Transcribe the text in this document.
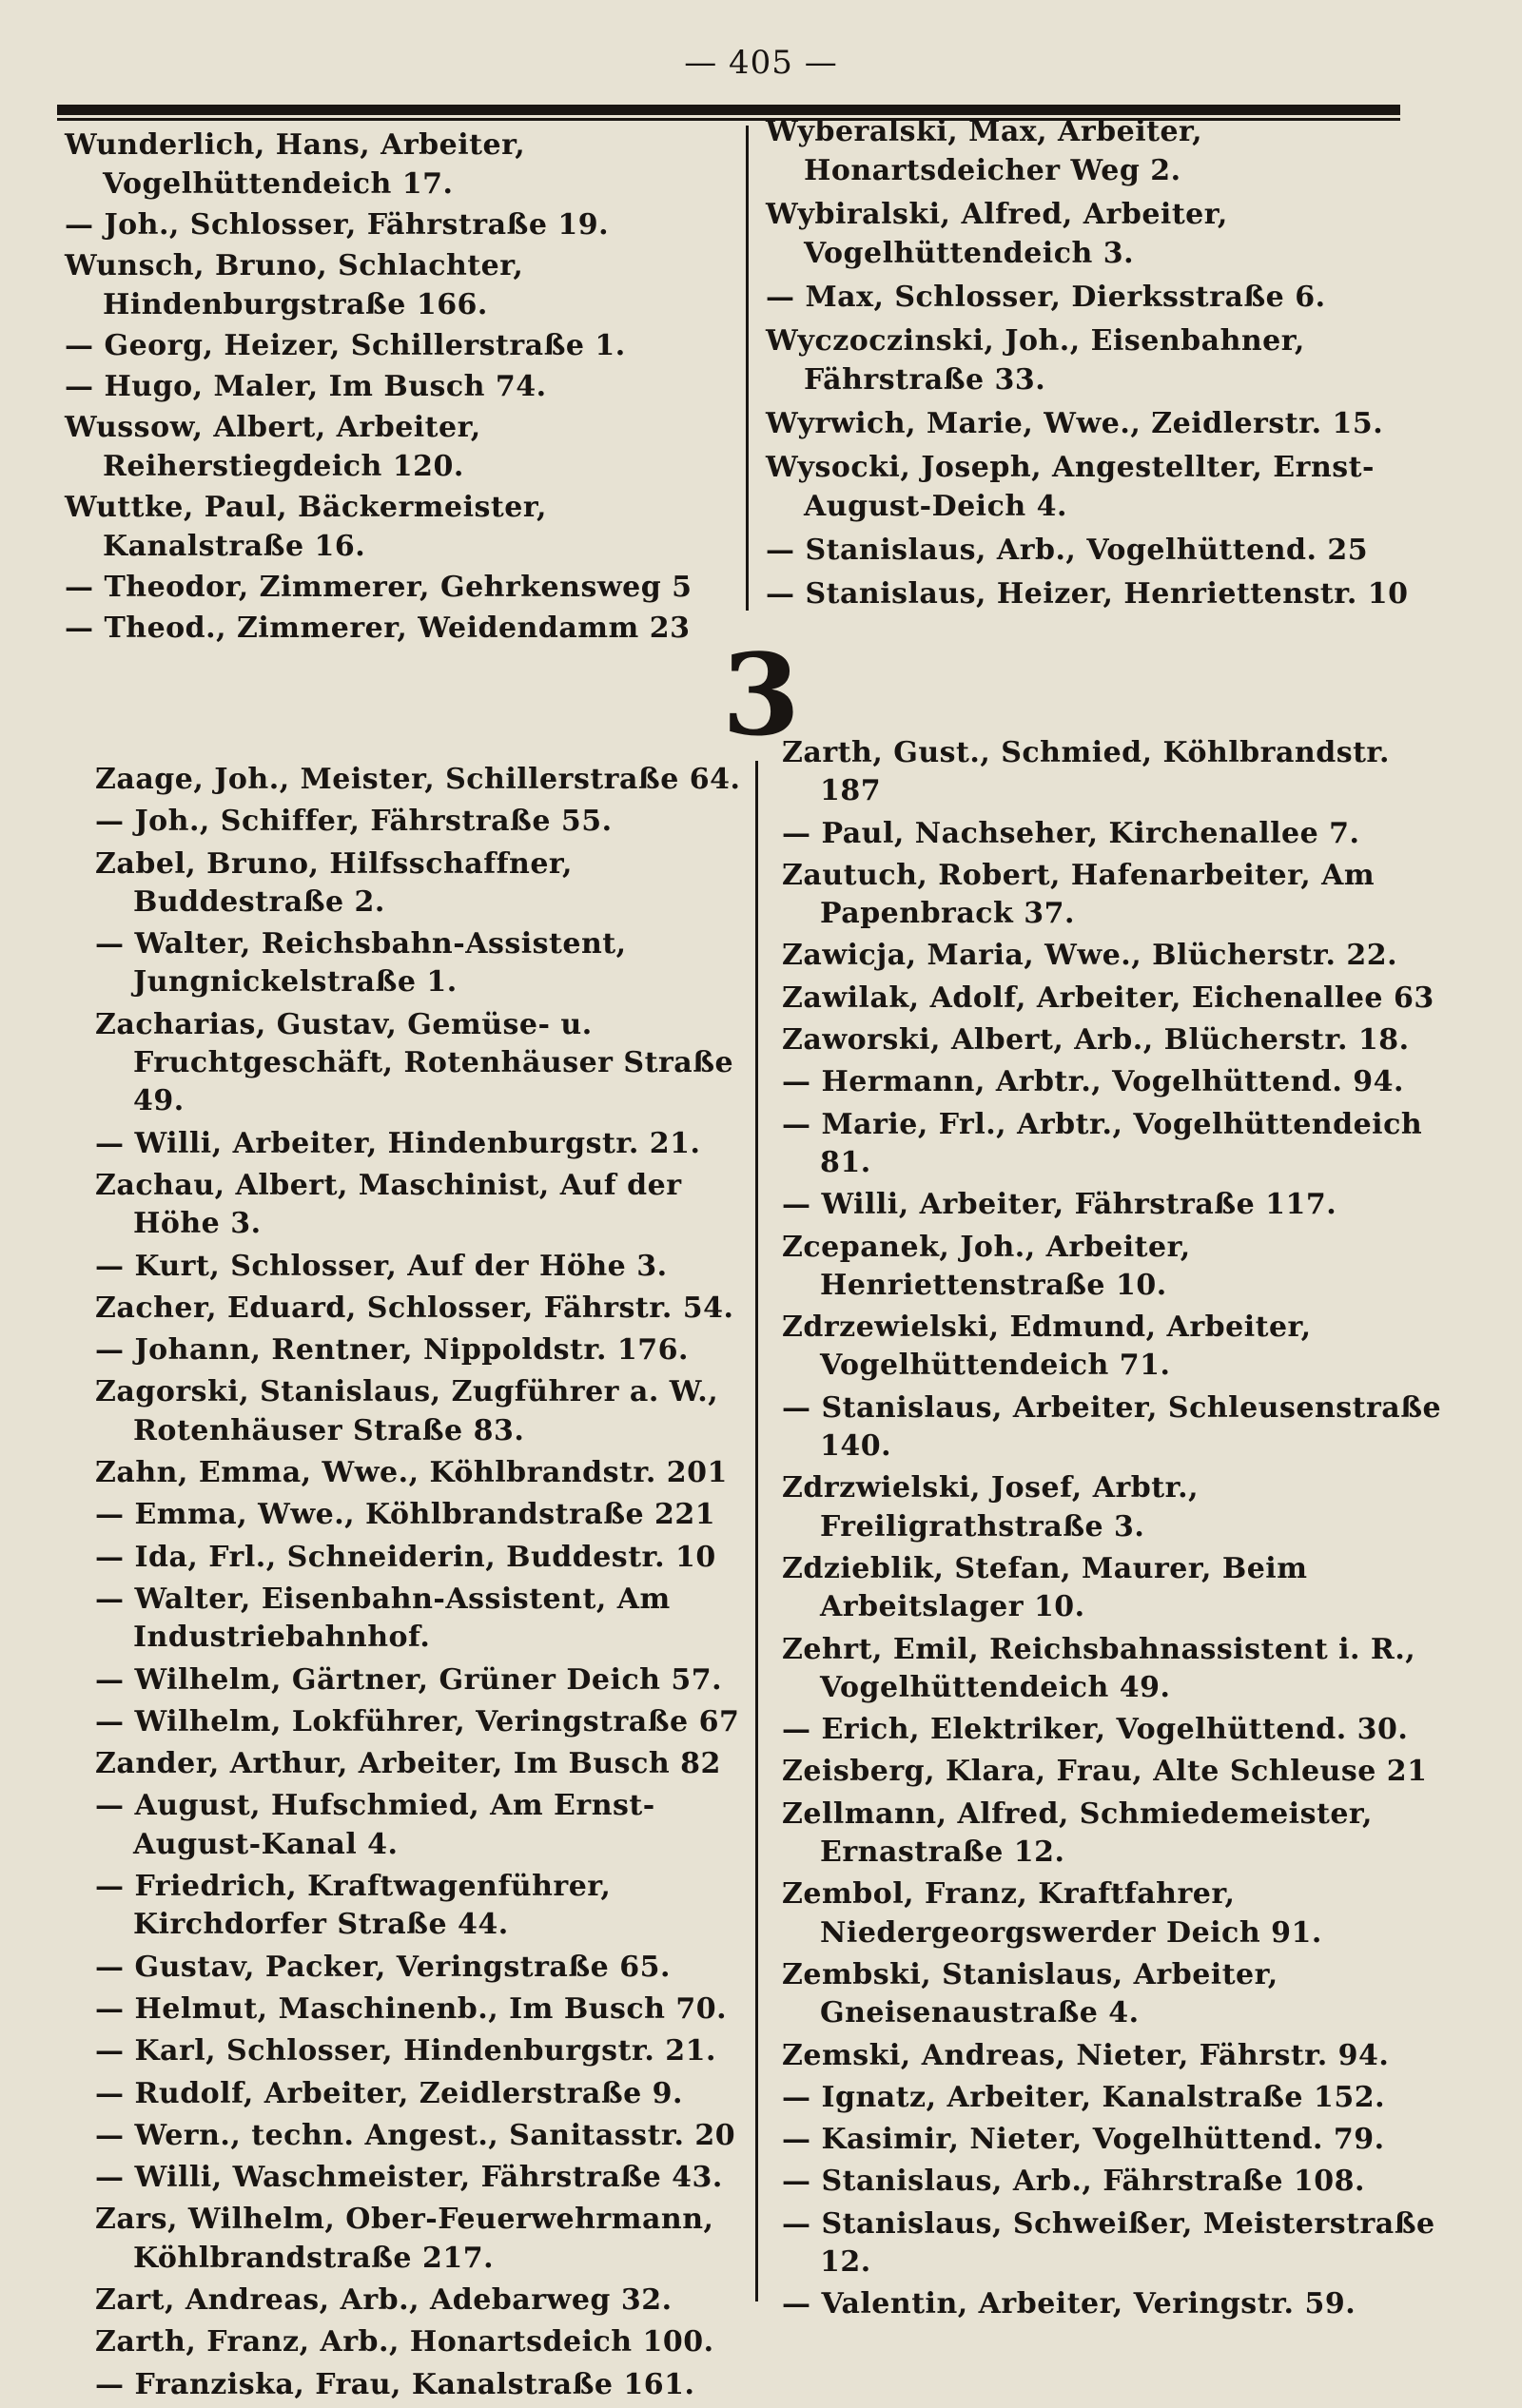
— 405 —
Wunderlich, Hans, Arbeiter, Vogelhüttendeich 17.
— Joh., Schlosser, Fährstraße 19.
Wunsch, Bruno, Schlachter, Hindenburgstraße 166.
— Georg, Heizer, Schillerstraße 1.
— Hugo, Maler, Im Busch 74.
Wussow, Albert, Arbeiter, Reiherstiegdeich 120.
Wuttke, Paul, Bäckermeister, Kanalstraße 16.
— Theodor, Zimmerer, Gehrkensweg 5
— Theod., Zimmerer, Weidendamm 23
Wyberalski, Max, Arbeiter, Honartsdeicher Weg 2.
Wybiralski, Alfred, Arbeiter, Vogelhüttendeich 3.
— Max, Schlosser, Dierksstraße 6.
Wyczoczinski, Joh., Eisenbahner, Fährstraße 33.
Wyrwich, Marie, Wwe., Zeidlerstr. 15.
Wysocki, Joseph, Angestellter, Ernst-August-Deich 4.
— Stanislaus, Arb., Vogelhüttend. 25
— Stanislaus, Heizer, Henriettenstr. 10
3
Zaage, Joh., Meister, Schillerstraße 64.
— Joh., Schiffer, Fährstraße 55.
Zabel, Bruno, Hilfsschaffner, Buddestraße 2.
— Walter, Reichsbahn-Assistent, Jungnickelstraße 1.
Zacharias, Gustav, Gemüse- u. Fruchtgeschäft, Rotenhäuser Straße 49.
— Willi, Arbeiter, Hindenburgstr. 21.
Zachau, Albert, Maschinist, Auf der Höhe 3.
— Kurt, Schlosser, Auf der Höhe 3.
Zacher, Eduard, Schlosser, Fährstr. 54.
— Johann, Rentner, Nippoldstr. 176.
Zagorski, Stanislaus, Zugführer a. W., Rotenhäuser Straße 83.
Zahn, Emma, Wwe., Köhlbrandstr. 201
— Emma, Wwe., Köhlbrandstraße 221
— Ida, Frl., Schneiderin, Buddestr. 10
— Walter, Eisenbahn-Assistent, Am Industriebahnhof.
— Wilhelm, Gärtner, Grüner Deich 57.
— Wilhelm, Lokführer, Veringstraße 67
Zander, Arthur, Arbeiter, Im Busch 82
— August, Hufschmied, Am Ernst-August-Kanal 4.
— Friedrich, Kraftwagenführer, Kirchdorfer Straße 44.
— Gustav, Packer, Veringstraße 65.
— Helmut, Maschinenb., Im Busch 70.
— Karl, Schlosser, Hindenburgstr. 21.
— Rudolf, Arbeiter, Zeidlerstraße 9.
— Wern., techn. Angest., Sanitasstr. 20
— Willi, Waschmeister, Fährstraße 43.
Zars, Wilhelm, Ober-Feuerwehrmann, Köhlbrandstraße 217.
Zart, Andreas, Arb., Adebarweg 32.
Zarth, Franz, Arb., Honartsdeich 100.
— Franziska, Frau, Kanalstraße 161.
Zarth, Gust., Schmied, Köhlbrandstr. 187
— Paul, Nachseher, Kirchenallee 7.
Zautuch, Robert, Hafenarbeiter, Am Papenbrack 37.
Zawicja, Maria, Wwe., Blücherstr. 22.
Zawilak, Adolf, Arbeiter, Eichenallee 63
Zaworski, Albert, Arb., Blücherstr. 18.
— Hermann, Arbtr., Vogelhüttend. 94.
— Marie, Frl., Arbtr., Vogelhüttendeich 81.
— Willi, Arbeiter, Fährstraße 117.
Zcepanek, Joh., Arbeiter, Henriettenstraße 10.
Zdrzewielski, Edmund, Arbeiter, Vogelhüttendeich 71.
— Stanislaus, Arbeiter, Schleusenstraße 140.
Zdrzwielski, Josef, Arbtr., Freiligrathstraße 3.
Zdzieblik, Stefan, Maurer, Beim Arbeitslager 10.
Zehrt, Emil, Reichsbahnassistent i. R., Vogelhüttendeich 49.
— Erich, Elektriker, Vogelhüttend. 30.
Zeisberg, Klara, Frau, Alte Schleuse 21
Zellmann, Alfred, Schmiedemeister, Ernastraße 12.
Zembol, Franz, Kraftfahrer, Niedergeorgswerder Deich 91.
Zembski, Stanislaus, Arbeiter, Gneisenaustraße 4.
Zemski, Andreas, Nieter, Fährstr. 94.
— Ignatz, Arbeiter, Kanalstraße 152.
— Kasimir, Nieter, Vogelhüttend. 79.
— Stanislaus, Arb., Fährstraße 108.
— Stanislaus, Schweißer, Meisterstraße 12.
— Valentin, Arbeiter, Veringstr. 59.
